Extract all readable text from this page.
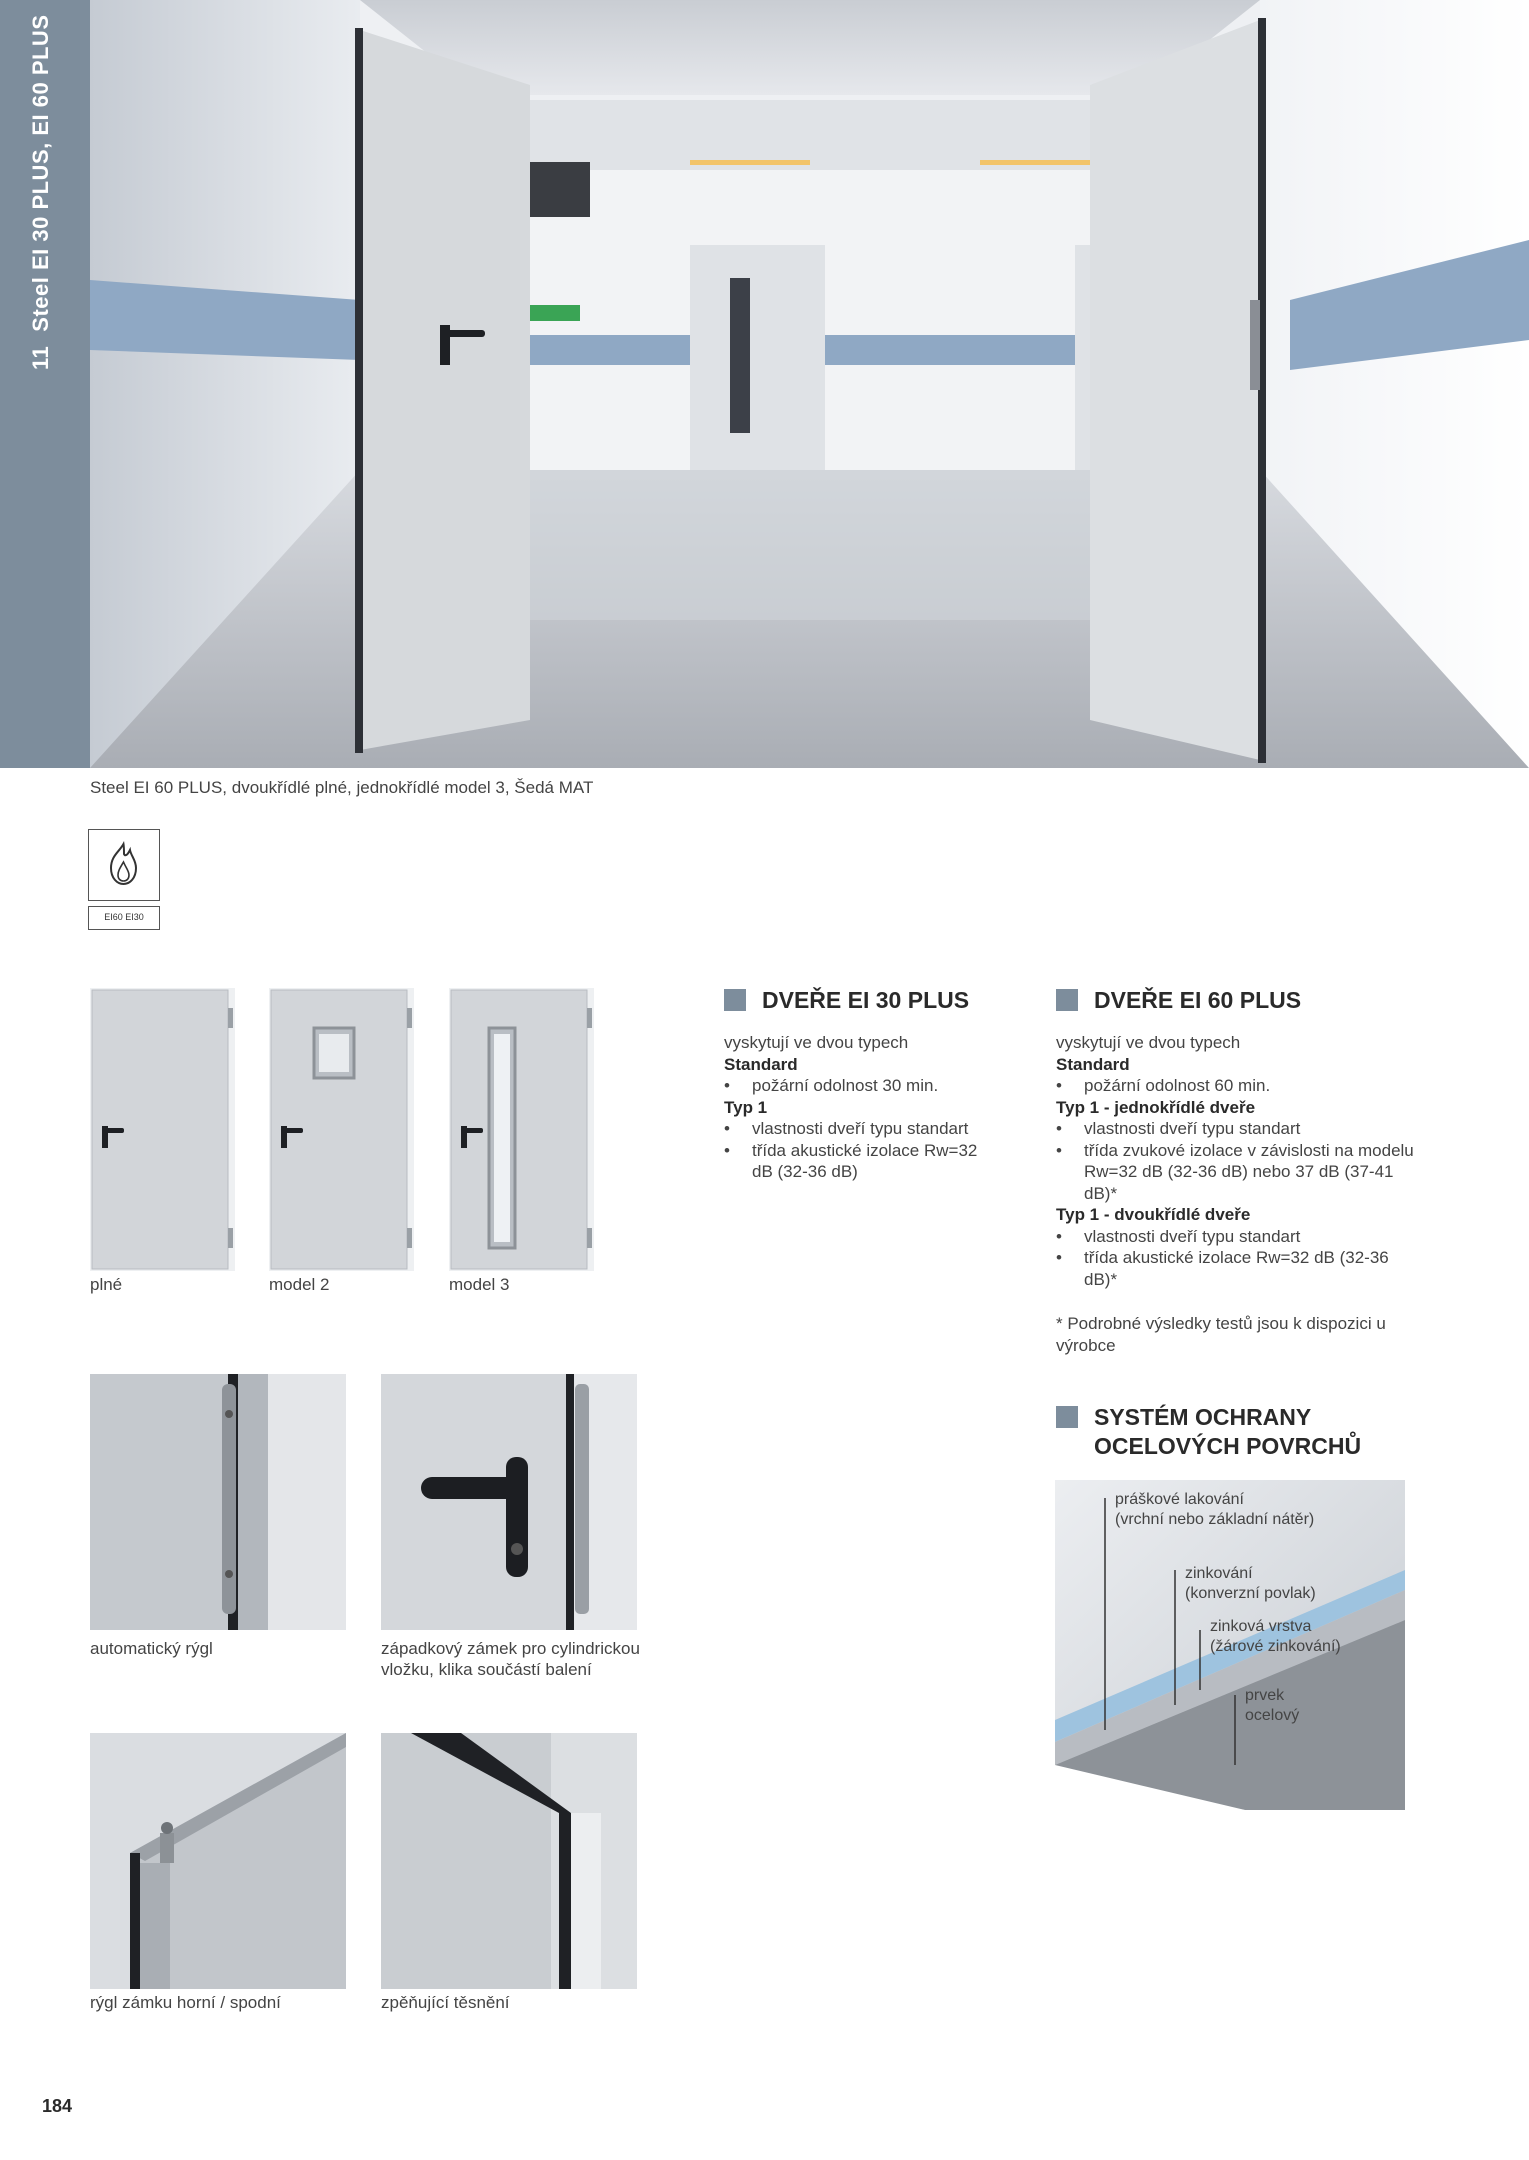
11Steel EI 30 PLUS, EI 60 PLUS
Steel EI 60 PLUS, dvoukřídlé plné, jednokřídlé model 3, Šedá MAT
EI60 EI30
plné	model 2	model 3
automatický rýgl	západkový zámek pro cylindrickou vložku, klika součástí balení
rýgl zámku horní / spodní	zpěňující těsnění
DVEŘE EI 30 PLUS
vyskytují ve dvou typech
Standard
• požární odolnost 30 min.
Typ 1
• vlastnosti dveří typu standart
• třída akustické izolace Rw=32 dB (32-36 dB)
DVEŘE EI 60 PLUS
vyskytují ve dvou typech
Standard
• požární odolnost 60 min.
Typ 1 - jednokřídlé dveře
• vlastnosti dveří typu standart
• třída zvukové izolace v závislosti na modelu Rw=32 dB (32-36 dB) nebo 37 dB (37-41 dB)*
Typ 1 - dvoukřídlé dveře
• vlastnosti dveří typu standart
• třída akustické izolace Rw=32 dB (32-36 dB)*
* Podrobné výsledky testů jsou k dispozici u výrobce
SYSTÉM OCHRANY
OCELOVÝCH POVRCHŮ
práškové lakování
(vrchní nebo základní nátěr)
zinkování
(konverzní povlak)
zinková vrstva
(žárové zinkování)
prvek
ocelový
184
